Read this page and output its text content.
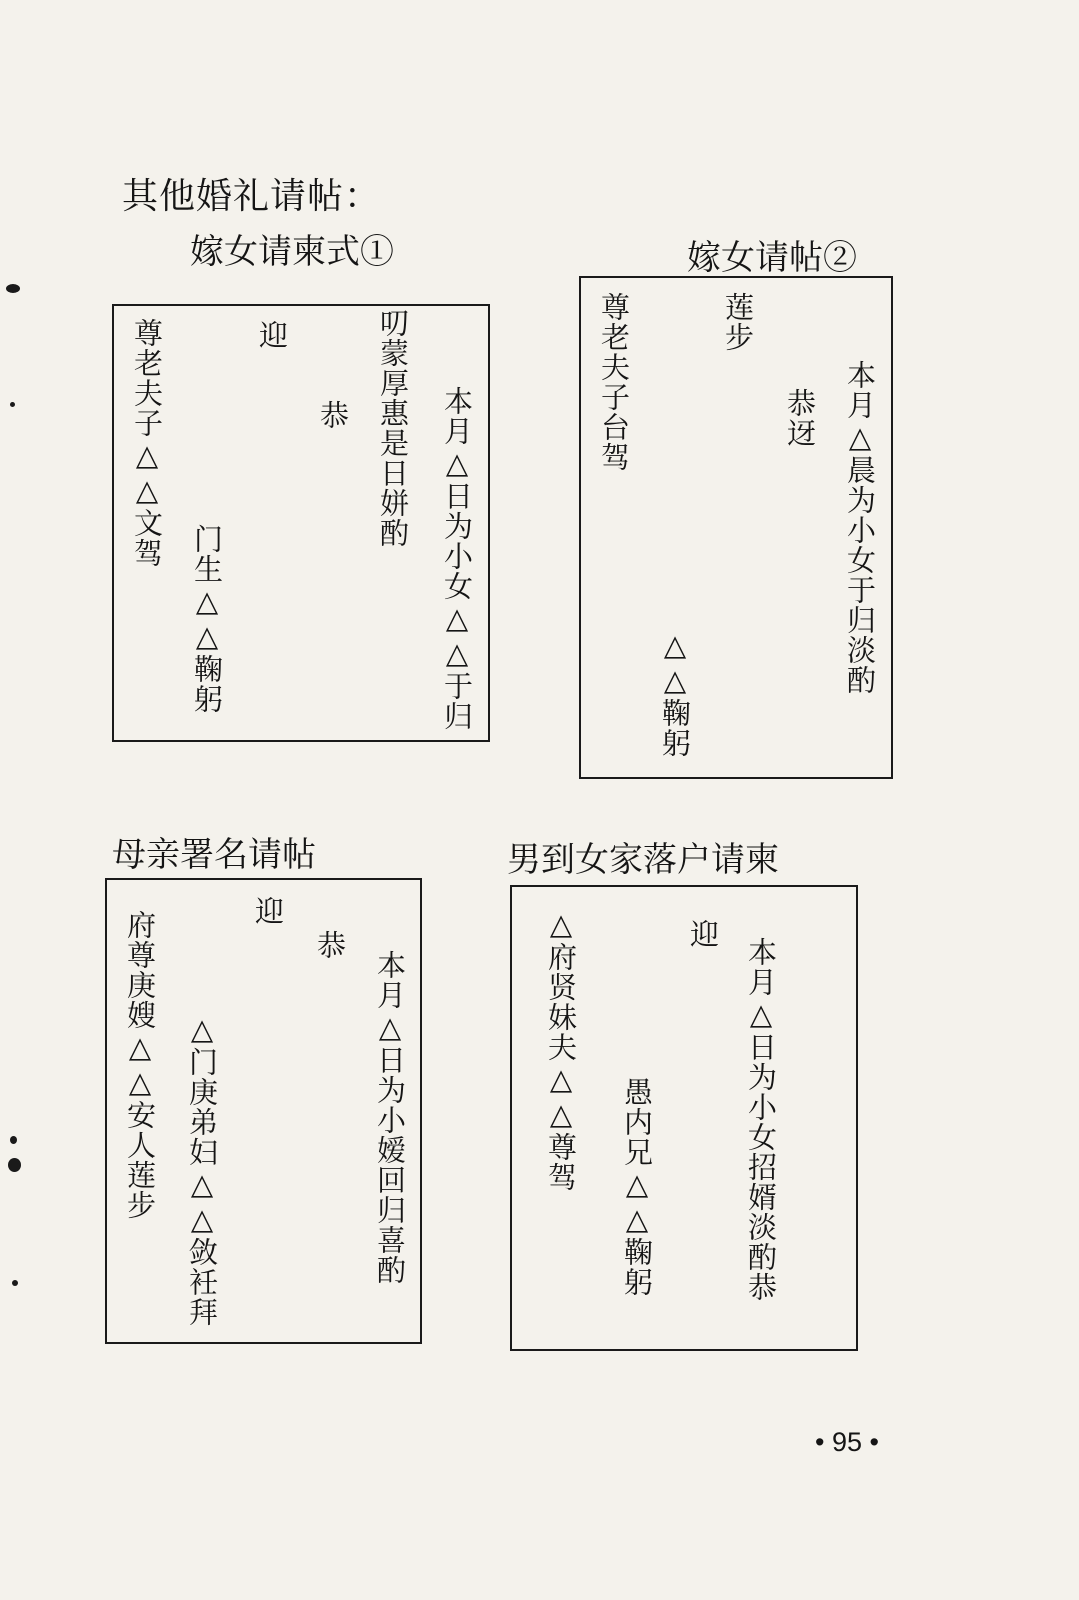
其他婚礼请帖：
嫁女请柬式①
本月△日为小女△△于归
叨蒙厚惠是日姘酌
恭
迎
门生△△鞠躬
尊老夫子△△文驾
嫁女请帖②
本月△晨为小女于归淡酌
恭迓
莲步
△△鞠躬
尊老夫子台驾
母亲署名请帖
本月△日为小嫒回归喜酌
恭
迎
△门庚弟妇△△敛衽拜
府尊庚嫂△△安人莲步
男到女家落户请柬
本月△日为小女招婿淡酌恭
迎
愚内兄△△鞠躬
△府贤妹夫△△尊驾
• 95 •
